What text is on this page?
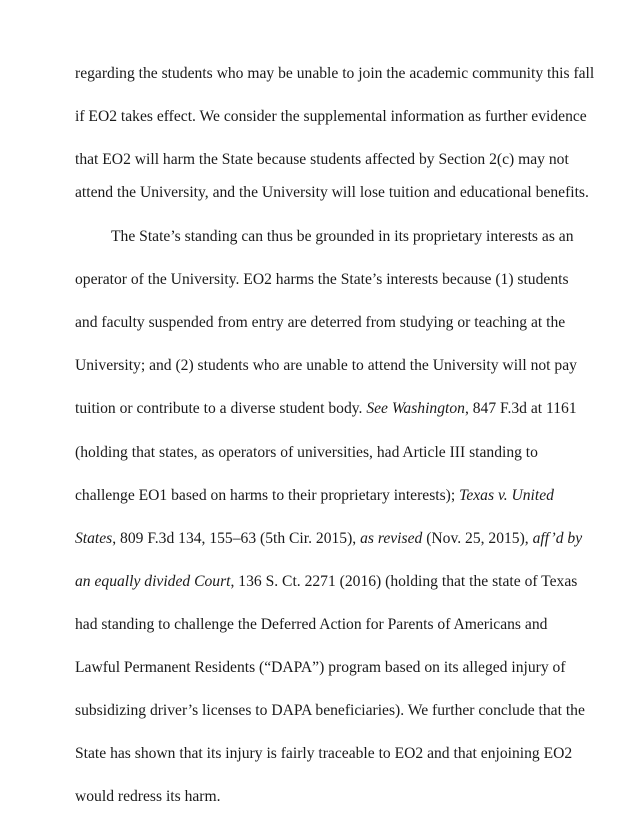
regarding the students who may be unable to join the academic community this fall
if EO2 takes effect. We consider the supplemental information as further evidence
that EO2 will harm the State because students affected by Section 2(c) may not
attend the University, and the University will lose tuition and educational benefits.
The State’s standing can thus be grounded in its proprietary interests as an
operator of the University. EO2 harms the State’s interests because (1) students
and faculty suspended from entry are deterred from studying or teaching at the
University; and (2) students who are unable to attend the University will not pay
tuition or contribute to a diverse student body. See Washington, 847 F.3d at 1161
(holding that states, as operators of universities, had Article III standing to
challenge EO1 based on harms to their proprietary interests); Texas v. United
States, 809 F.3d 134, 155–63 (5th Cir. 2015), as revised (Nov. 25, 2015), aff’d by
an equally divided Court, 136 S. Ct. 2271 (2016) (holding that the state of Texas
had standing to challenge the Deferred Action for Parents of Americans and
Lawful Permanent Residents (“DAPA”) program based on its alleged injury of
subsidizing driver’s licenses to DAPA beneficiaries). We further conclude that the
State has shown that its injury is fairly traceable to EO2 and that enjoining EO2
would redress its harm.
